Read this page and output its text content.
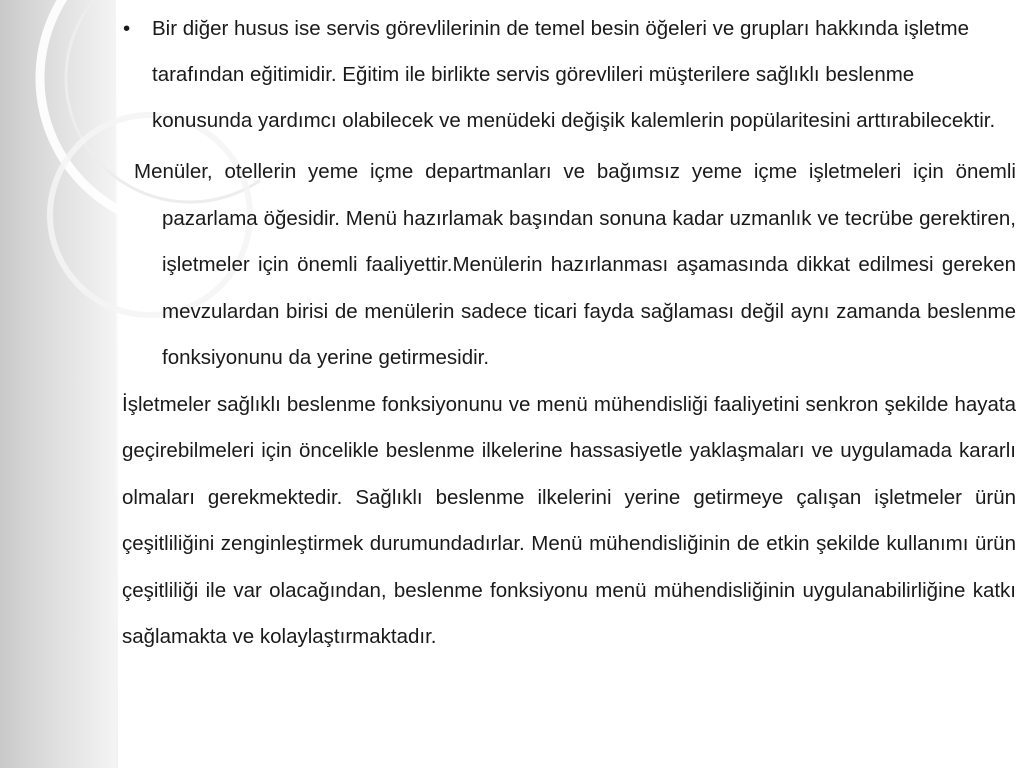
• Bir diğer husus ise servis görevlilerinin de temel besin öğeleri ve grupları hakkında işletme tarafından eğitimidir. Eğitim ile birlikte servis görevlileri müşterilere sağlıklı beslenme konusunda yardımcı olabilecek ve menüdeki değişik kalemlerin popülaritesini arttırabilecektir.

Menüler, otellerin yeme içme departmanları ve bağımsız yeme içme işletmeleri için önemli pazarlama öğesidir. Menü hazırlamak başından sonuna kadar uzmanlık ve tecrübe gerektiren, işletmeler için önemli faaliyettir.Menülerin hazırlanması aşamasında dikkat edilmesi gereken mevzulardan birisi de menülerin sadece ticari fayda sağlaması değil aynı zamanda beslenme fonksiyonunu da yerine getirmesidir.

İşletmeler sağlıklı beslenme fonksiyonunu ve menü mühendisliği faaliyetini senkron şekilde hayata geçirebilmeleri için öncelikle beslenme ilkelerine hassasiyetle yaklaşmaları ve uygulamada kararlı olmaları gerekmektedir. Sağlıklı beslenme ilkelerini yerine getirmeye çalışan işletmeler ürün çeşitliliğini zenginleştirmek durumundadırlar. Menü mühendisliğinin de etkin şekilde kullanımı ürün çeşitliliği ile var olacağından, beslenme fonksiyonu menü mühendisliğinin uygulanabilirliğine katkı sağlamakta ve kolaylaştırmaktadır.
